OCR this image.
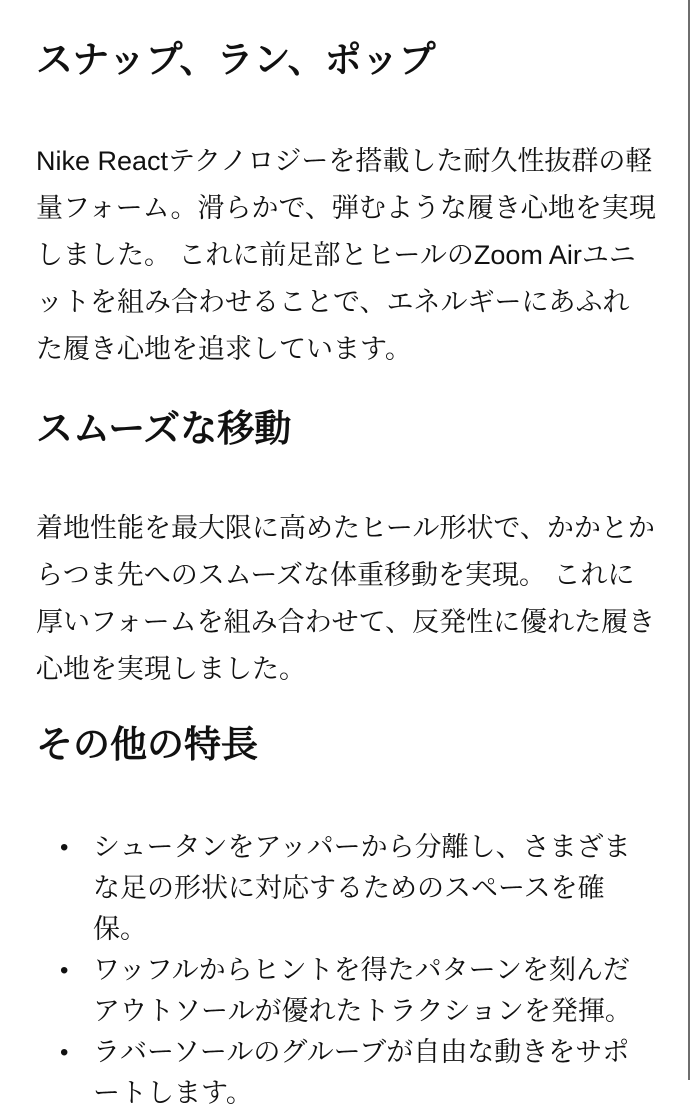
スナップ、ラン、ポップ

Nike Reactテクノロジーを搭載した耐久性抜群の軽量フォーム。滑らかで、弾むような履き心地を実現しました。 これに前足部とヒールのZoom Airユニットを組み合わせることで、エネルギーにあふれた履き心地を追求しています。

スムーズな移動

着地性能を最大限に高めたヒール形状で、かかとからつま先へのスムーズな体重移動を実現。 これに厚いフォームを組み合わせて、反発性に優れた履き心地を実現しました。

その他の特長
• シュータンをアッパーから分離し、さまざまな足の形状に対応するためのスペースを確保。
• ワッフルからヒントを得たパターンを刻んだアウトソールが優れたトラクションを発揮。
• ラバーソールのグルーブが自由な動きをサポートします。
